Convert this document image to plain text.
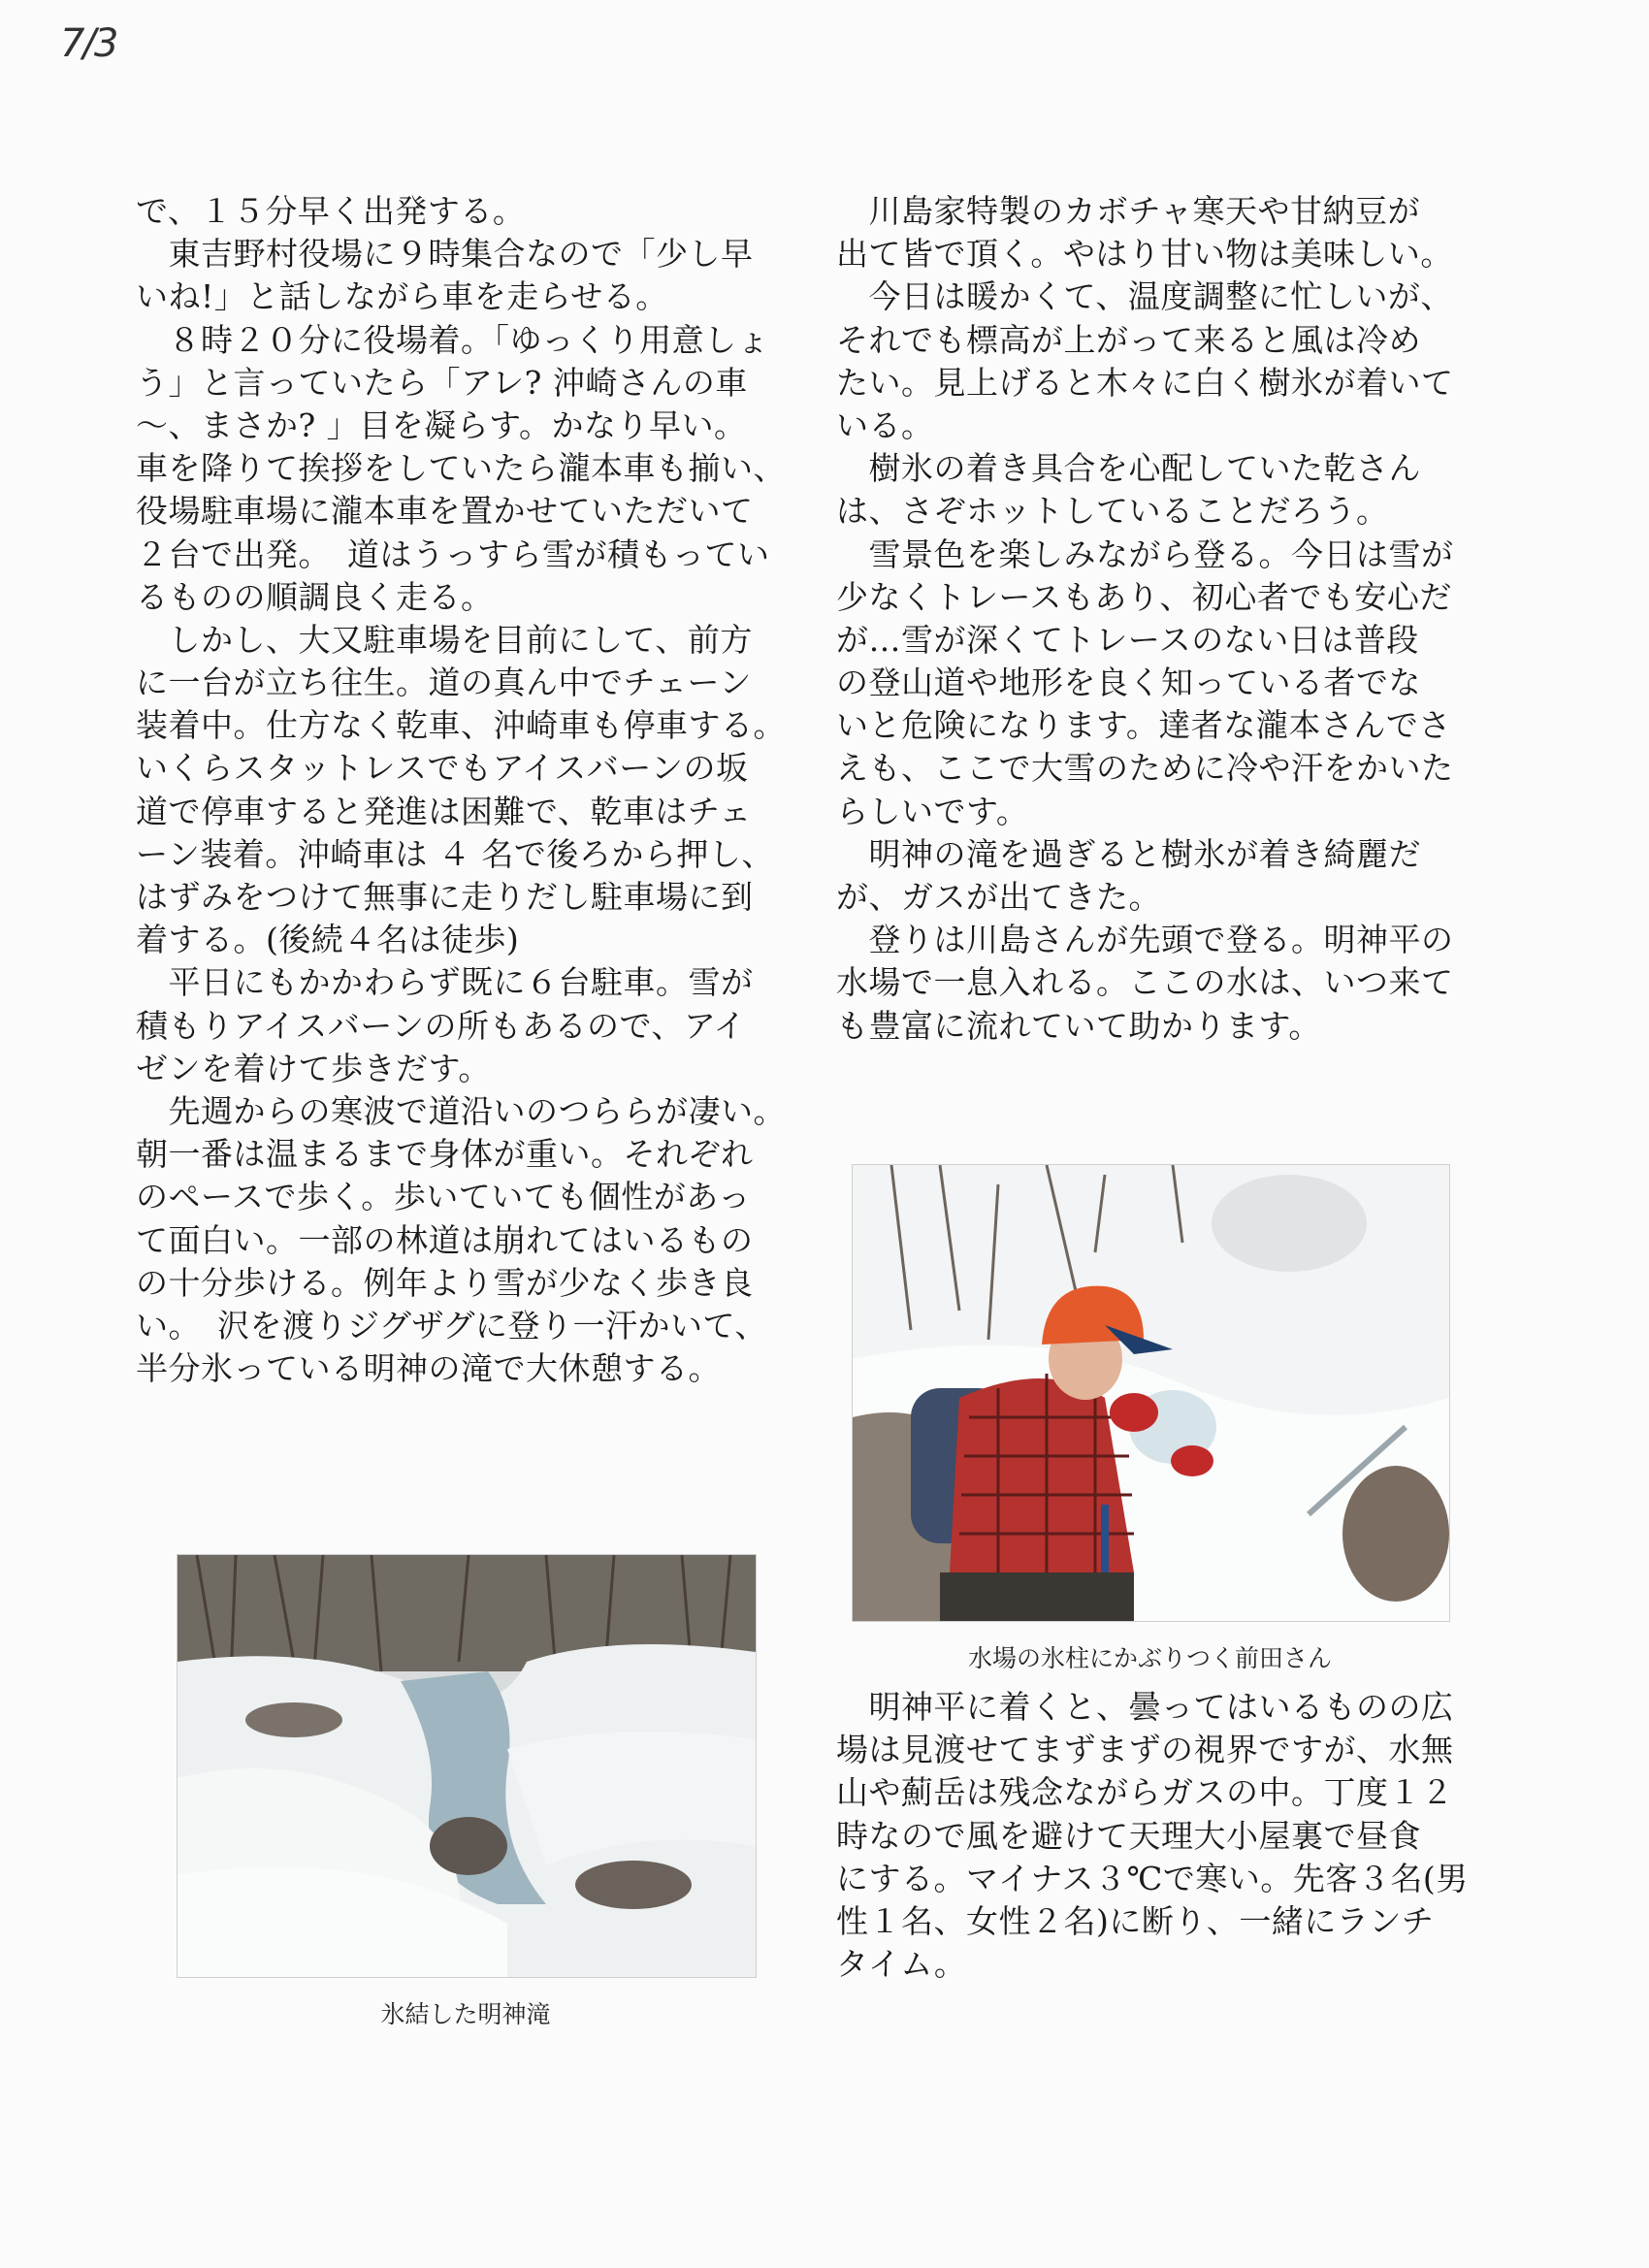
7/3
で、１５分早く出発する。
　東吉野村役場に９時集合なので「少し早
いね!」と話しながら車を走らせる。
　８時２０分に役場着。「ゆっくり用意しょ
う」と言っていたら「アレ? 沖崎さんの車
～、まさか? 」目を凝らす。かなり早い。
車を降りて挨拶をしていたら瀧本車も揃い、
役場駐車場に瀧本車を置かせていただいて
２台で出発。　道はうっすら雪が積もってい
るものの順調良く走る。
　しかし、大又駐車場を目前にして、前方
に一台が立ち往生。道の真ん中でチェーン
装着中。仕方なく乾車、沖崎車も停車する。
いくらスタットレスでもアイスバーンの坂
道で停車すると発進は困難で、乾車はチェ
ーン装着。沖崎車は ４ 名で後ろから押し、
はずみをつけて無事に走りだし駐車場に到
着する。(後続４名は徒歩)
　平日にもかかわらず既に６台駐車。雪が
積もりアイスバーンの所もあるので、アイ
ゼンを着けて歩きだす。
　先週からの寒波で道沿いのつららが凄い。
朝一番は温まるまで身体が重い。それぞれ
のペースで歩く。歩いていても個性があっ
て面白い。一部の林道は崩れてはいるもの
の十分歩ける。例年より雪が少なく歩き良
い。　沢を渡りジグザグに登り一汗かいて、
半分氷っている明神の滝で大休憩する。
　川島家特製のカボチャ寒天や甘納豆が
出て皆で頂く。やはり甘い物は美味しい。
　今日は暖かくて、温度調整に忙しいが、
それでも標高が上がって来ると風は冷め
たい。見上げると木々に白く樹氷が着いて
いる。
　樹氷の着き具合を心配していた乾さん
は、さぞホットしていることだろう。
　雪景色を楽しみながら登る。今日は雪が
少なくトレースもあり、初心者でも安心だ
が…雪が深くてトレースのない日は普段
の登山道や地形を良く知っている者でな
いと危険になります。達者な瀧本さんでさ
えも、ここで大雪のために冷や汗をかいた
らしいです。
　明神の滝を過ぎると樹氷が着き綺麗だ
が、ガスが出てきた。
　登りは川島さんが先頭で登る。明神平の
水場で一息入れる。ここの水は、いつ来て
も豊富に流れていて助かります。
氷結した明神滝
水場の氷柱にかぶりつく前田さん
　明神平に着くと、曇ってはいるものの広
場は見渡せてまずまずの視界ですが、水無
山や薊岳は残念ながらガスの中。丁度１２
時なので風を避けて天理大小屋裏で昼食
にする。マイナス３℃で寒い。先客３名(男
性１名、女性２名)に断り、一緒にランチ
タイム。
